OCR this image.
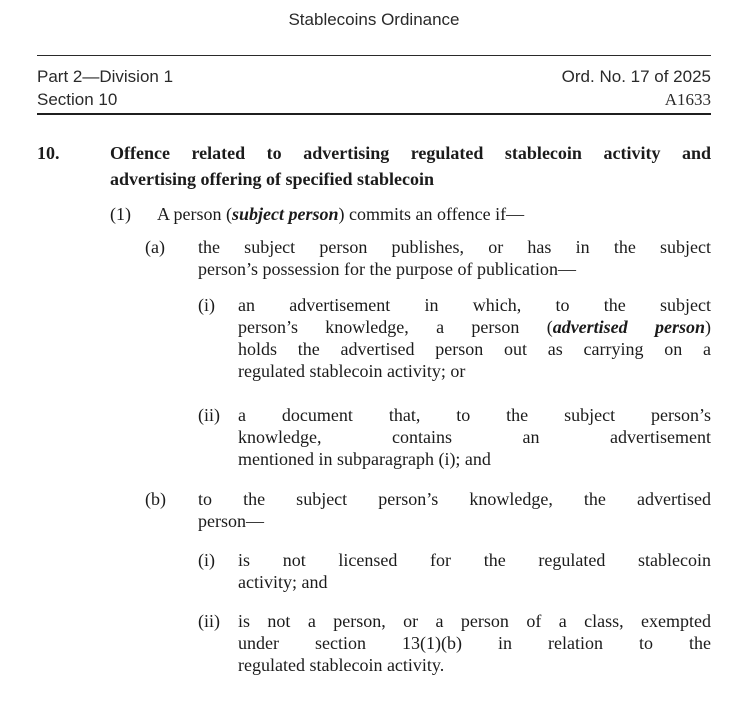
Stablecoins Ordinance
Part 2—Division 1	Ord. No. 17 of 2025
Section 10	A1633
10.	Offence related to advertising regulated stablecoin activity and
advertising offering of specified stablecoin
(1) A person (subject person) commits an offence if—
(a) the subject person publishes, or has in the subject
person’s possession for the purpose of publication—
(i) an advertisement in which, to the subject
person’s knowledge, a person (advertised person)
holds the advertised person out as carrying on a
regulated stablecoin activity; or
(ii) a document that, to the subject person’s
knowledge, contains an advertisement
mentioned in subparagraph (i); and
(b) to the subject person’s knowledge, the advertised
person—
(i) is not licensed for the regulated stablecoin
activity; and
(ii) is not a person, or a person of a class, exempted
under section 13(1)(b) in relation to the
regulated stablecoin activity.
